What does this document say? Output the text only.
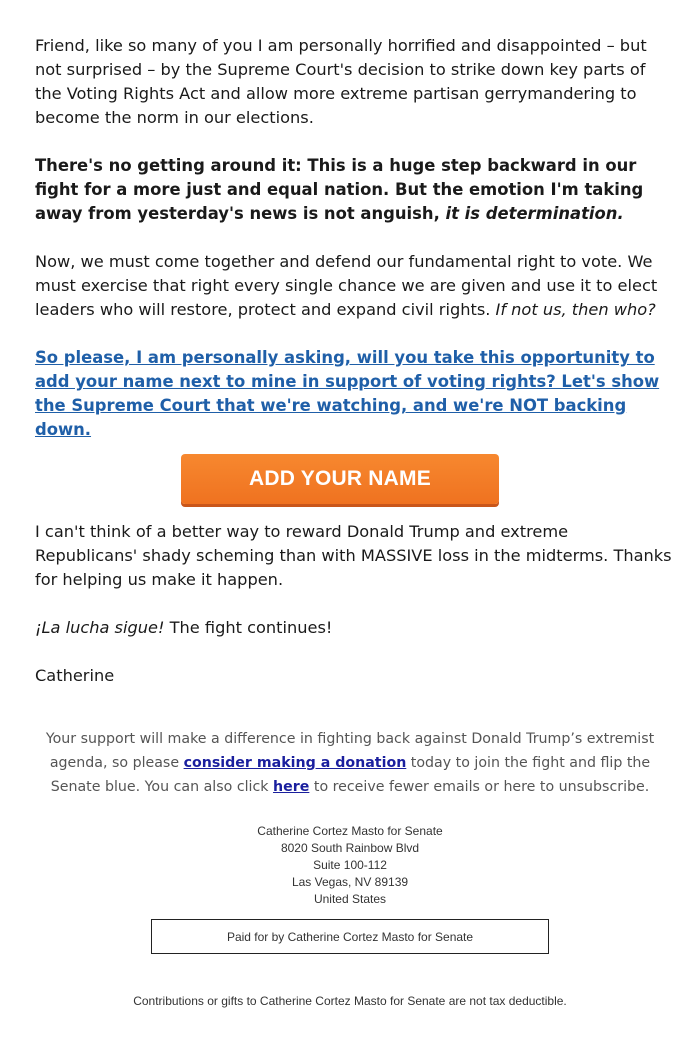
Friend, like so many of you I am personally horrified and disappointed – but not surprised – by the Supreme Court's decision to strike down key parts of the Voting Rights Act and allow more extreme partisan gerrymandering to become the norm in our elections.

There's no getting around it: This is a huge step backward in our fight for a more just and equal nation. But the emotion I'm taking away from yesterday's news is not anguish, it is determination.

Now, we must come together and defend our fundamental right to vote. We must exercise that right every single chance we are given and use it to elect leaders who will restore, protect and expand civil rights. If not us, then who?

So please, I am personally asking, will you take this opportunity to add your name next to mine in support of voting rights? Let's show the Supreme Court that we're watching, and we're NOT backing down.

ADD YOUR NAME

I can't think of a better way to reward Donald Trump and extreme Republicans' shady scheming than with MASSIVE loss in the midterms. Thanks for helping us make it happen.

¡La lucha sigue! The fight continues!

Catherine

Your support will make a difference in fighting back against Donald Trump’s extremist agenda, so please consider making a donation today to join the fight and flip the Senate blue. You can also click here to receive fewer emails or here to unsubscribe.
Catherine Cortez Masto for Senate
8020 South Rainbow Blvd
Suite 100-112
Las Vegas, NV 89139
United States
Paid for by Catherine Cortez Masto for Senate
Contributions or gifts to Catherine Cortez Masto for Senate are not tax deductible.
